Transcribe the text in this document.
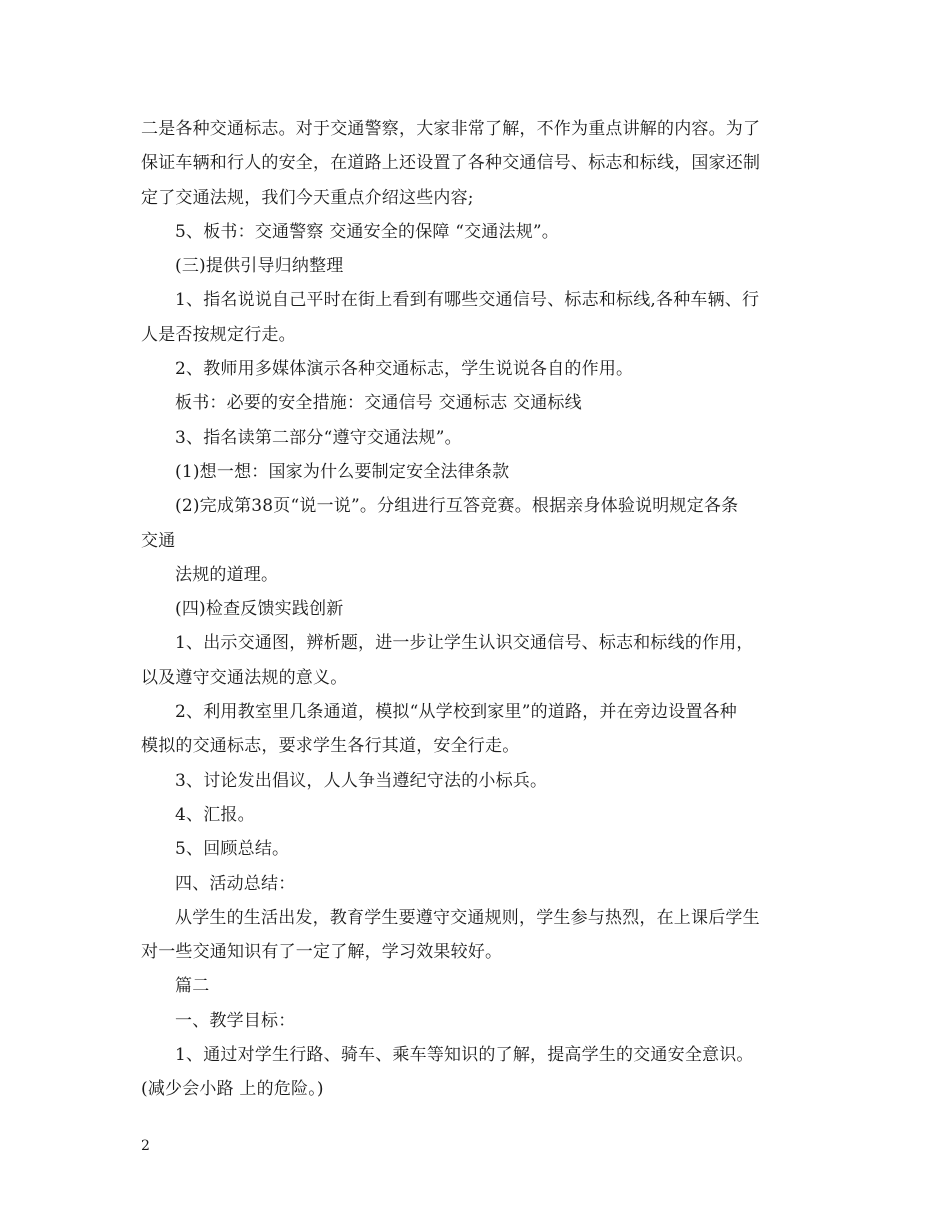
二是各种交通标志。对于交通警察，大家非常了解，不作为重点讲解的内容。为了
保证车辆和行人的安全，在道路上还设置了各种交通信号、标志和标线，国家还制
定了交通法规，我们今天重点介绍这些内容;
5、板书：交通警察 交通安全的保障 “交通法规”。
(三)提供引导归纳整理
1、指名说说自己平时在街上看到有哪些交通信号、标志和标线,各种车辆、行
人是否按规定行走。
2、教师用多媒体演示各种交通标志，学生说说各自的作用。
板书：必要的安全措施：交通信号 交通标志 交通标线
3、指名读第二部分“遵守交通法规”。
(1)想一想：国家为什么要制定安全法律条款
(2)完成第38页“说一说”。分组进行互答竞赛。根据亲身体验说明规定各条
交通
法规的道理。
(四)检查反馈实践创新
1、出示交通图，辨析题，进一步让学生认识交通信号、标志和标线的作用，
以及遵守交通法规的意义。
2、利用教室里几条通道，模拟“从学校到家里”的道路，并在旁边设置各种
模拟的交通标志，要求学生各行其道，安全行走。
3、讨论发出倡议，人人争当遵纪守法的小标兵。
4、汇报。
5、回顾总结。
四、活动总结：
从学生的生活出发，教育学生要遵守交通规则，学生参与热烈，在上课后学生
对一些交通知识有了一定了解，学习效果较好。
篇二
一、教学目标：
1、通过对学生行路、骑车、乘车等知识的了解，提高学生的交通安全意识。
(减少会小路 上的危险。)
2
